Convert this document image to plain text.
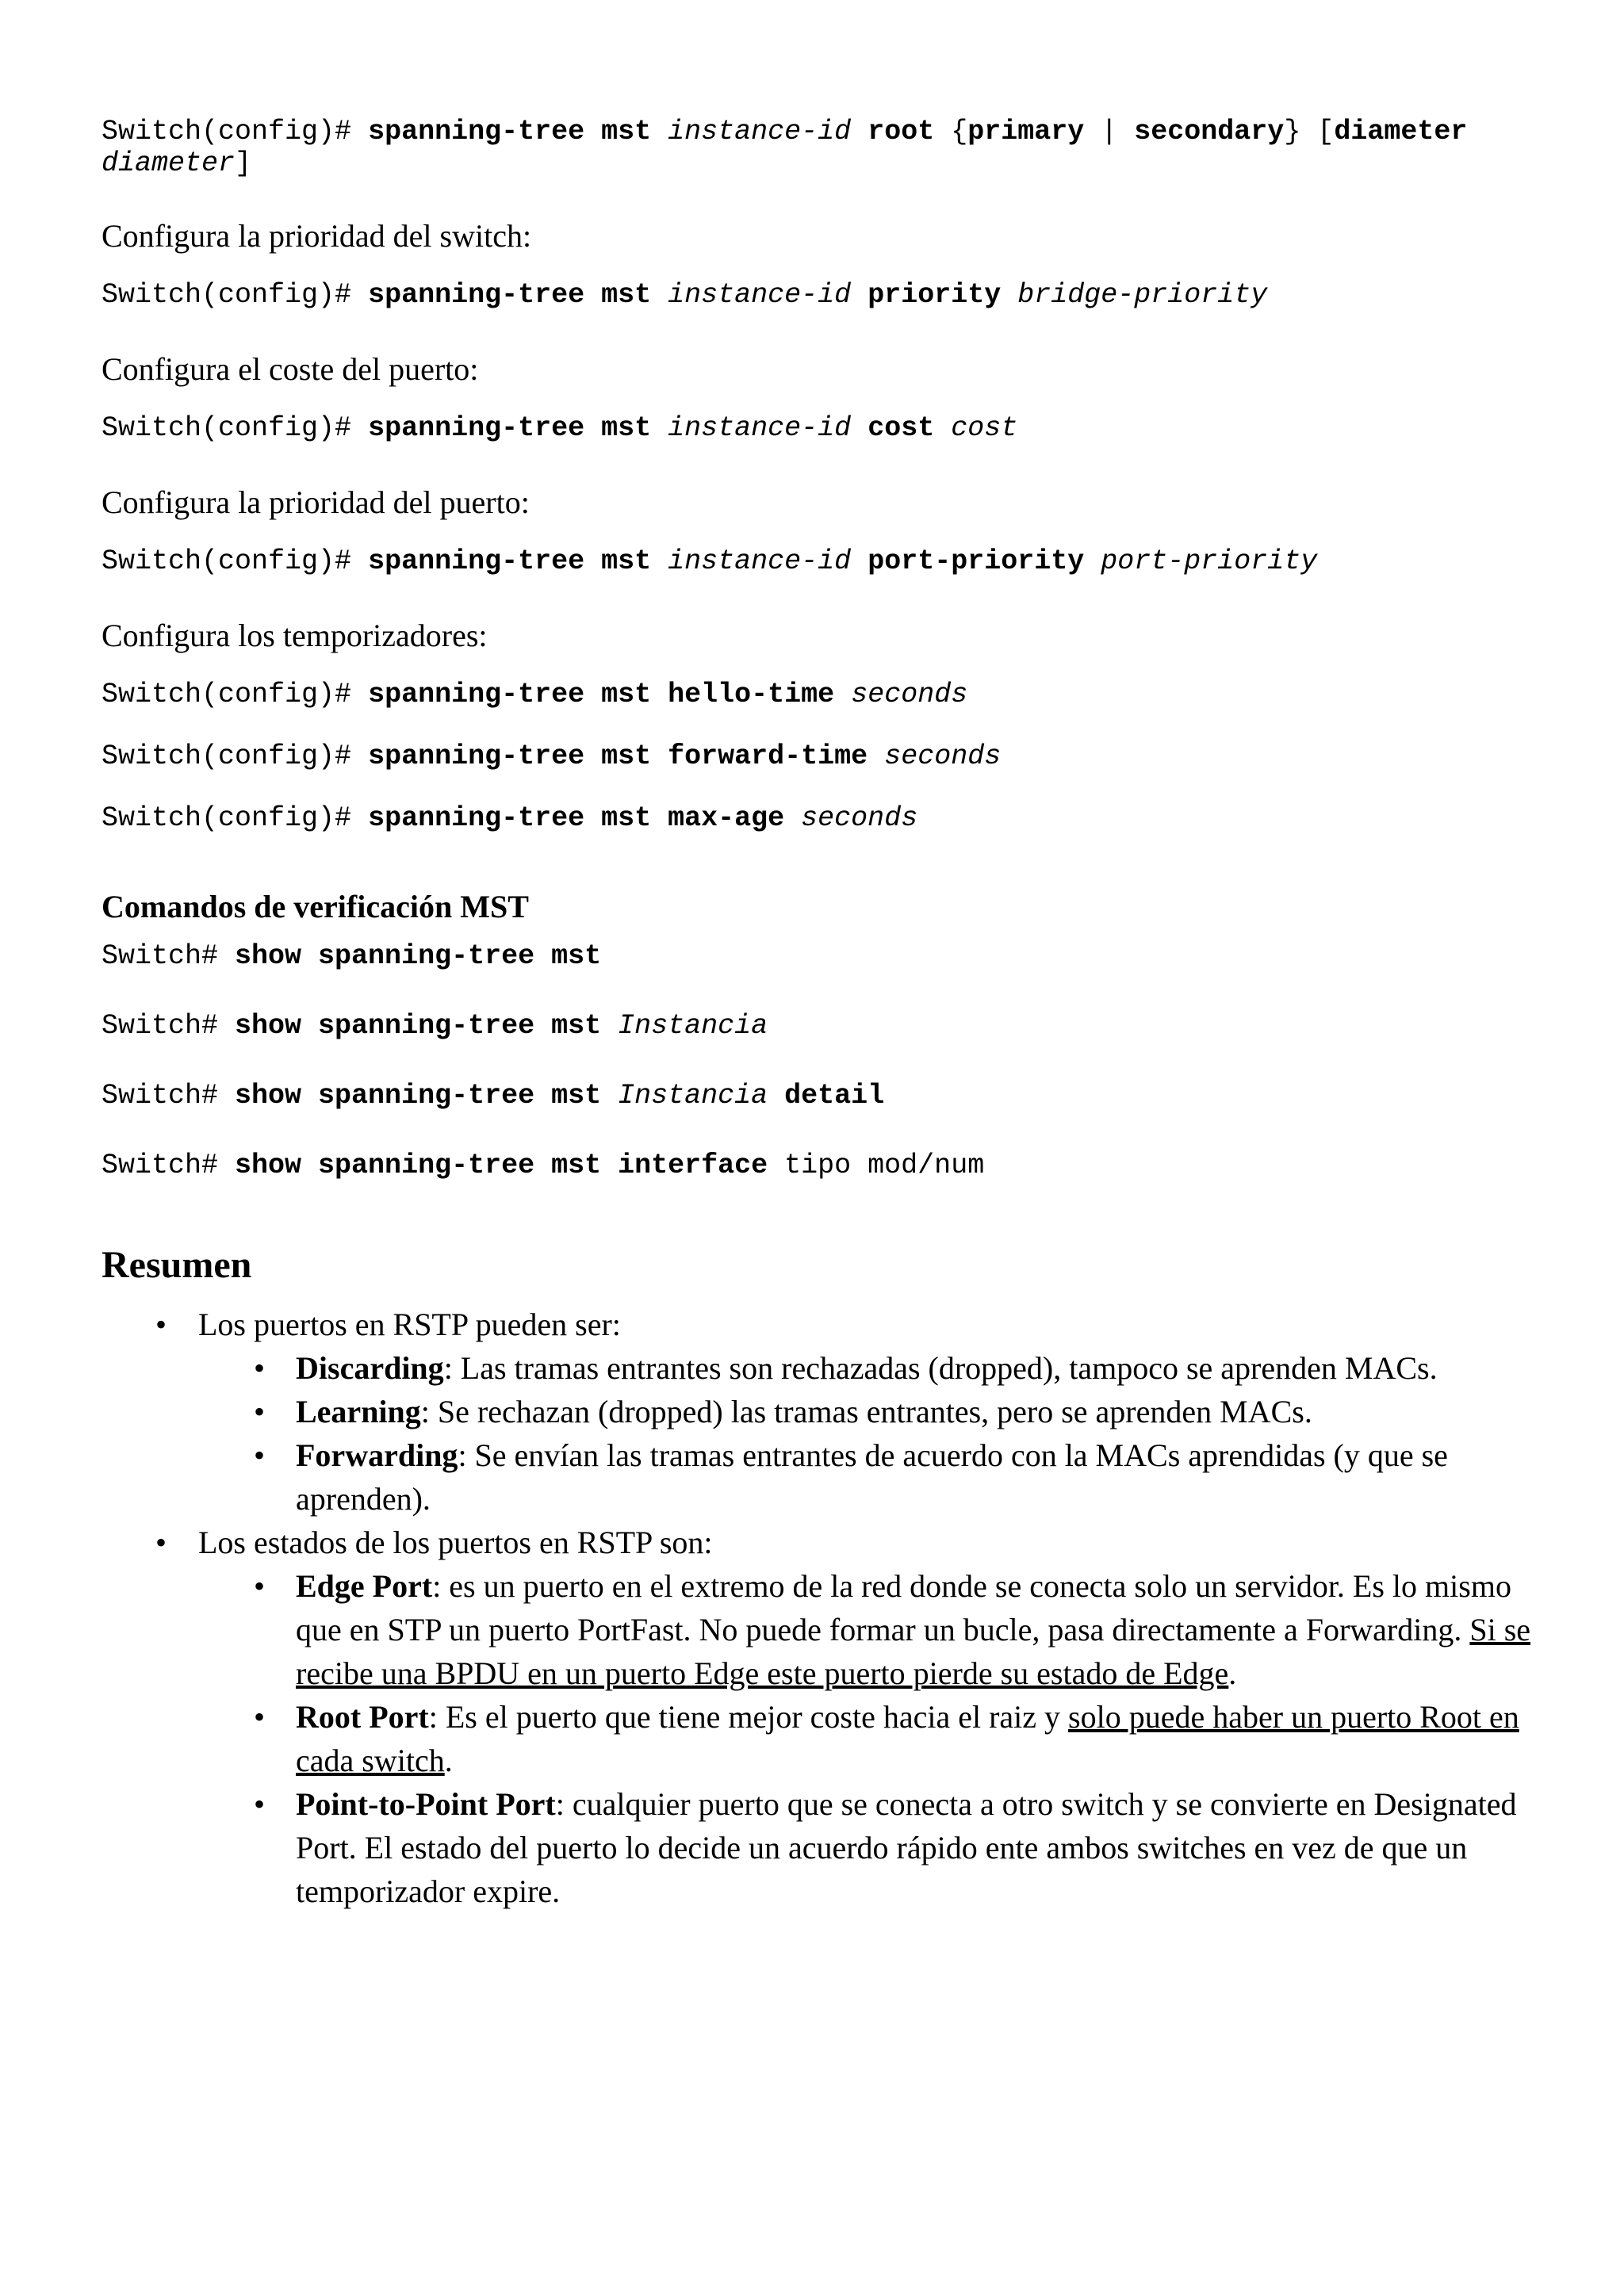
Switch(config)# spanning-tree mst instance-id root {primary | secondary} [diameter
diameter]
Configura la prioridad del switch:
Switch(config)# spanning-tree mst instance-id priority bridge-priority
Configura el coste del puerto:
Switch(config)# spanning-tree mst instance-id cost cost
Configura la prioridad del puerto:
Switch(config)# spanning-tree mst instance-id port-priority port-priority
Configura los temporizadores:
Switch(config)# spanning-tree mst hello-time seconds
Switch(config)# spanning-tree mst forward-time seconds
Switch(config)# spanning-tree mst max-age seconds
Comandos de verificación MST
Switch# show spanning-tree mst
Switch# show spanning-tree mst Instancia
Switch# show spanning-tree mst Instancia detail
Switch# show spanning-tree mst interface tipo mod/num
Resumen
• Los puertos en RSTP pueden ser:
• Discarding: Las tramas entrantes son rechazadas (dropped), tampoco se aprenden MACs.
• Learning: Se rechazan (dropped) las tramas entrantes, pero se aprenden MACs.
• Forwarding: Se envían las tramas entrantes de acuerdo con la MACs aprendidas (y que se aprenden).
• Los estados de los puertos en RSTP son:
• Edge Port: es un puerto en el extremo de la red donde se conecta solo un servidor. Es lo mismo que en STP un puerto PortFast. No puede formar un bucle, pasa directamente a Forwarding. Si se recibe una BPDU en un puerto Edge este puerto pierde su estado de Edge.
• Root Port: Es el puerto que tiene mejor coste hacia el raiz y solo puede haber un puerto Root en cada switch.
• Point-to-Point Port: cualquier puerto que se conecta a otro switch y se convierte en Designated Port. El estado del puerto lo decide un acuerdo rápido ente ambos switches en vez de que un temporizador expire.
